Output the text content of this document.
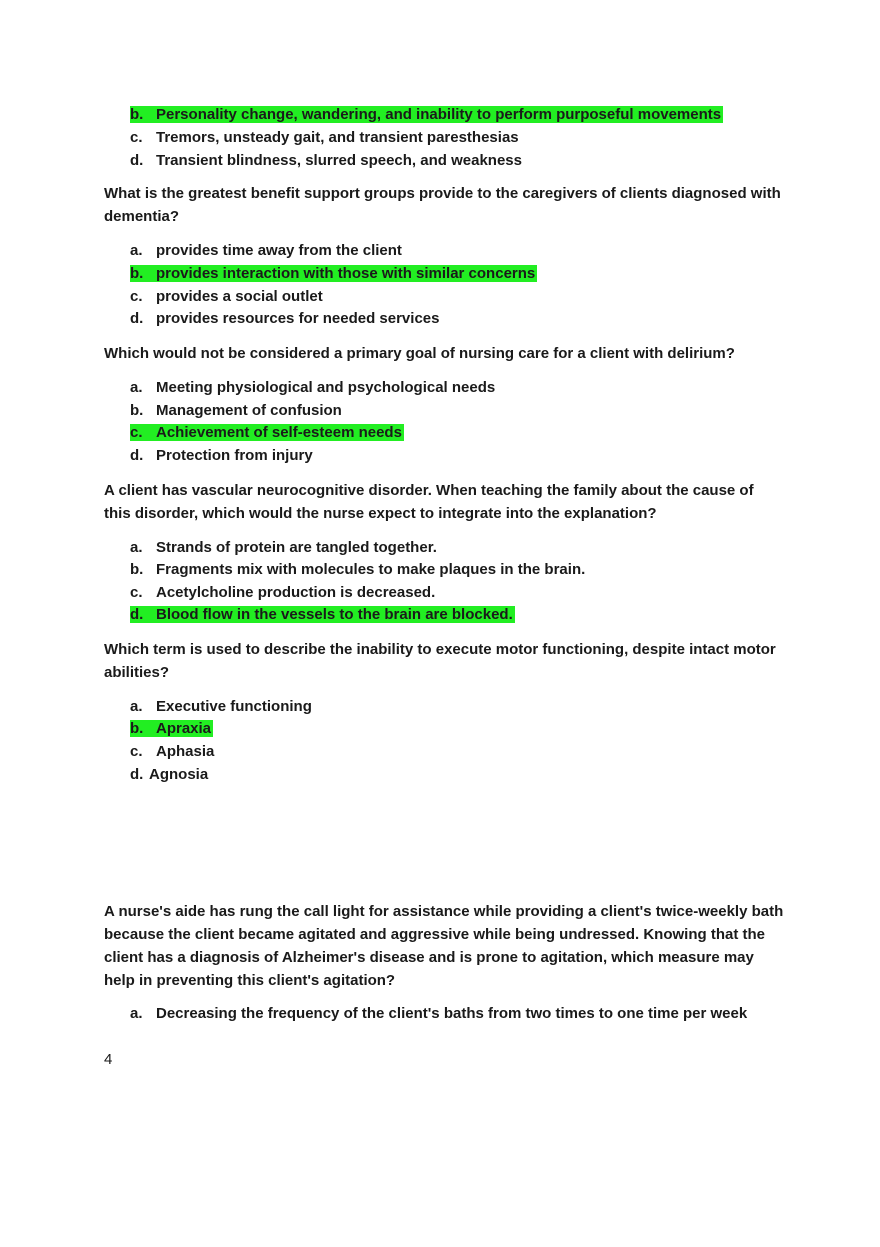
b. Personality change, wandering, and inability to perform purposeful movements
c. Tremors, unsteady gait, and transient paresthesias
d. Transient blindness, slurred speech, and weakness
What is the greatest benefit support groups provide to the caregivers of clients diagnosed with dementia?
a. provides time away from the client
b. provides interaction with those with similar concerns
c. provides a social outlet
d. provides resources for needed services
Which would not be considered a primary goal of nursing care for a client with delirium?
a. Meeting physiological and psychological needs
b. Management of confusion
c. Achievement of self-esteem needs
d. Protection from injury
A client has vascular neurocognitive disorder. When teaching the family about the cause of this disorder, which would the nurse expect to integrate into the explanation?
a. Strands of protein are tangled together.
b. Fragments mix with molecules to make plaques in the brain.
c. Acetylcholine production is decreased.
d. Blood flow in the vessels to the brain are blocked.
Which term is used to describe the inability to execute motor functioning, despite intact motor abilities?
a. Executive functioning
b. Apraxia
c. Aphasia
d. Agnosia
A nurse's aide has rung the call light for assistance while providing a client's twice-weekly bath because the client became agitated and aggressive while being undressed. Knowing that the client has a diagnosis of Alzheimer's disease and is prone to agitation, which measure may help in preventing this client's agitation?
a. Decreasing the frequency of the client's baths from two times to one time per week
4
